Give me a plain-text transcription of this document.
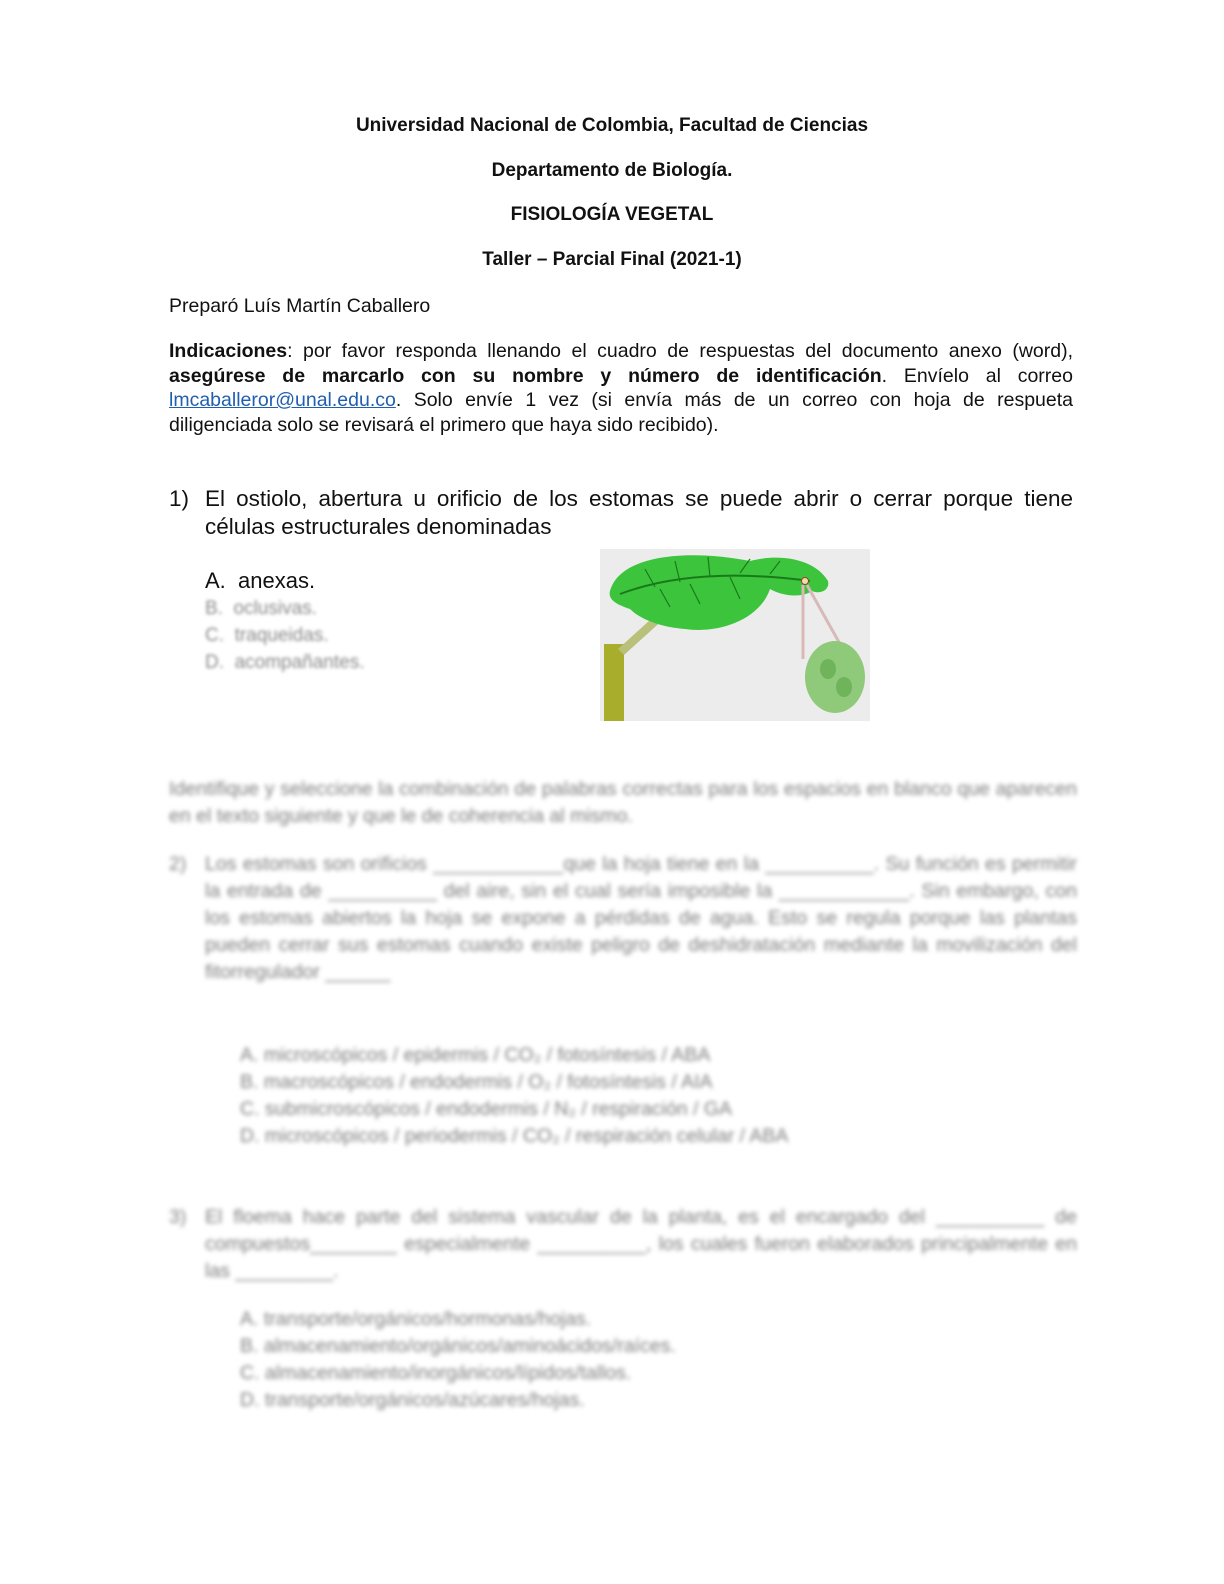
Universidad Nacional de Colombia, Facultad de Ciencias
Departamento de Biología.
FISIOLOGÍA VEGETAL
Taller – Parcial Final (2021-1)
Preparó Luís Martín Caballero
Indicaciones: por favor responda llenando el cuadro de respuestas del documento anexo (word), asegúrese de marcarlo con su nombre y número de identificación. Envíelo al correo lmcaballeror@unal.edu.co. Solo envíe 1 vez (si envía más de un correo con hoja de respueta diligenciada solo se revisará el primero que haya sido recibido).
1) El ostiolo, abertura u orificio de los estomas se puede abrir o cerrar porque tiene células estructurales denominadas
A. anexas.
B. oclusivas.
C. traqueidas.
D. acompañantes.
Identifique y seleccione la combinación de palabras correctas para los espacios en blanco que aparecen en el texto siguiente y que le de coherencia al mismo.
2) Los estomas son orificios ____________que la hoja tiene en la __________. Su función es permitir la entrada de __________ del aire, sin el cual sería imposible la ____________. Sin embargo, con los estomas abiertos la hoja se expone a pérdidas de agua. Esto se regula porque las plantas pueden cerrar sus estomas cuando existe peligro de deshidratación mediante la movilización del fitorregulador ______
A. microscópicos / epidermis / CO₂ / fotosíntesis / ABA
B. macroscópicos / endodermis / O₂ / fotosíntesis / AIA
C. submicroscópicos / endodermis / N₂ / respiración / GA
D. microscópicos / periodermis / CO₂ / respiración celular / ABA
3) El floema hace parte del sistema vascular de la planta, es el encargado del __________ de compuestos________ especialmente __________, los cuales fueron elaborados principalmente en las _________.
A. transporte/orgánicos/hormonas/hojas.
B. almacenamiento/orgánicos/aminoácidos/raíces.
C. almacenamiento/inorgánicos/lípidos/tallos.
D. transporte/orgánicos/azúcares/hojas.
